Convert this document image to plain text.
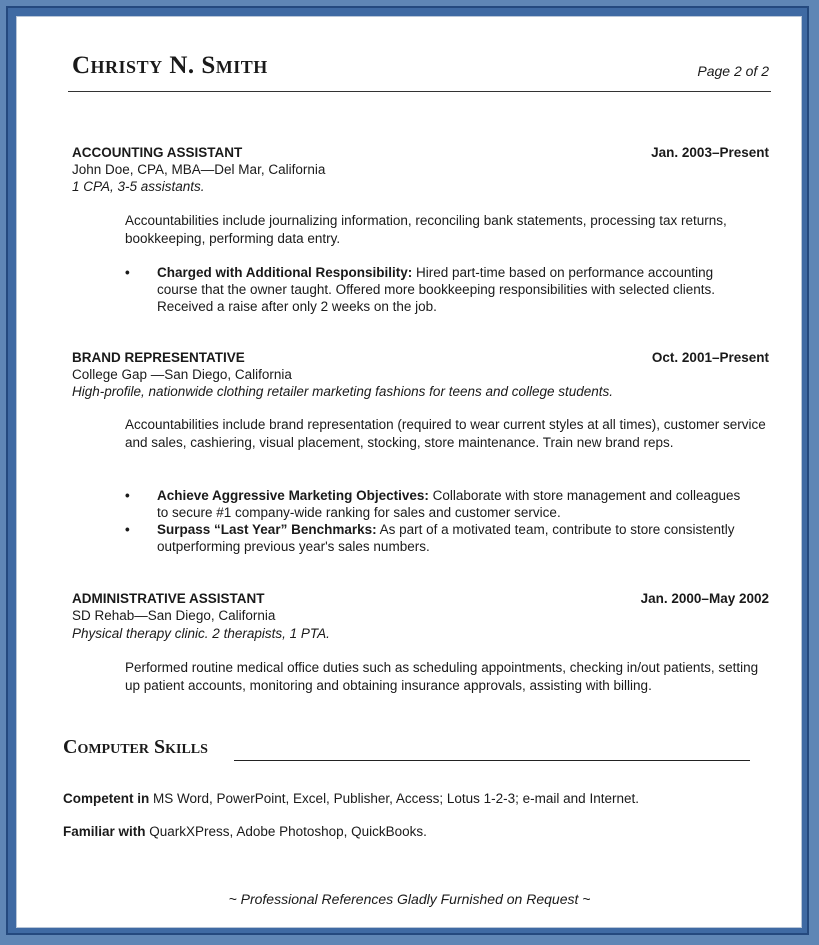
Christy N. Smith	Page 2 of 2
ACCOUNTING ASSISTANT	Jan. 2003–Present
John Doe, CPA, MBA—Del Mar, California
1 CPA, 3-5 assistants.
Accountabilities include journalizing information, reconciling bank statements, processing tax returns, bookkeeping, performing data entry.
• Charged with Additional Responsibility: Hired part-time based on performance accounting course that the owner taught. Offered more bookkeeping responsibilities with selected clients. Received a raise after only 2 weeks on the job.
BRAND REPRESENTATIVE	Oct. 2001–Present
College Gap —San Diego, California
High-profile, nationwide clothing retailer marketing fashions for teens and college students.
Accountabilities include brand representation (required to wear current styles at all times), customer service and sales, cashiering, visual placement, stocking, store maintenance. Train new brand reps.
• Achieve Aggressive Marketing Objectives: Collaborate with store management and colleagues to secure #1 company-wide ranking for sales and customer service.
• Surpass “Last Year” Benchmarks: As part of a motivated team, contribute to store consistently outperforming previous year's sales numbers.
ADMINISTRATIVE ASSISTANT	Jan. 2000–May 2002
SD Rehab—San Diego, California
Physical therapy clinic. 2 therapists, 1 PTA.
Performed routine medical office duties such as scheduling appointments, checking in/out patients, setting up patient accounts, monitoring and obtaining insurance approvals, assisting with billing.
Computer Skills
Competent in MS Word, PowerPoint, Excel, Publisher, Access; Lotus 1-2-3; e-mail and Internet.
Familiar with QuarkXPress, Adobe Photoshop, QuickBooks.
~ Professional References Gladly Furnished on Request ~
